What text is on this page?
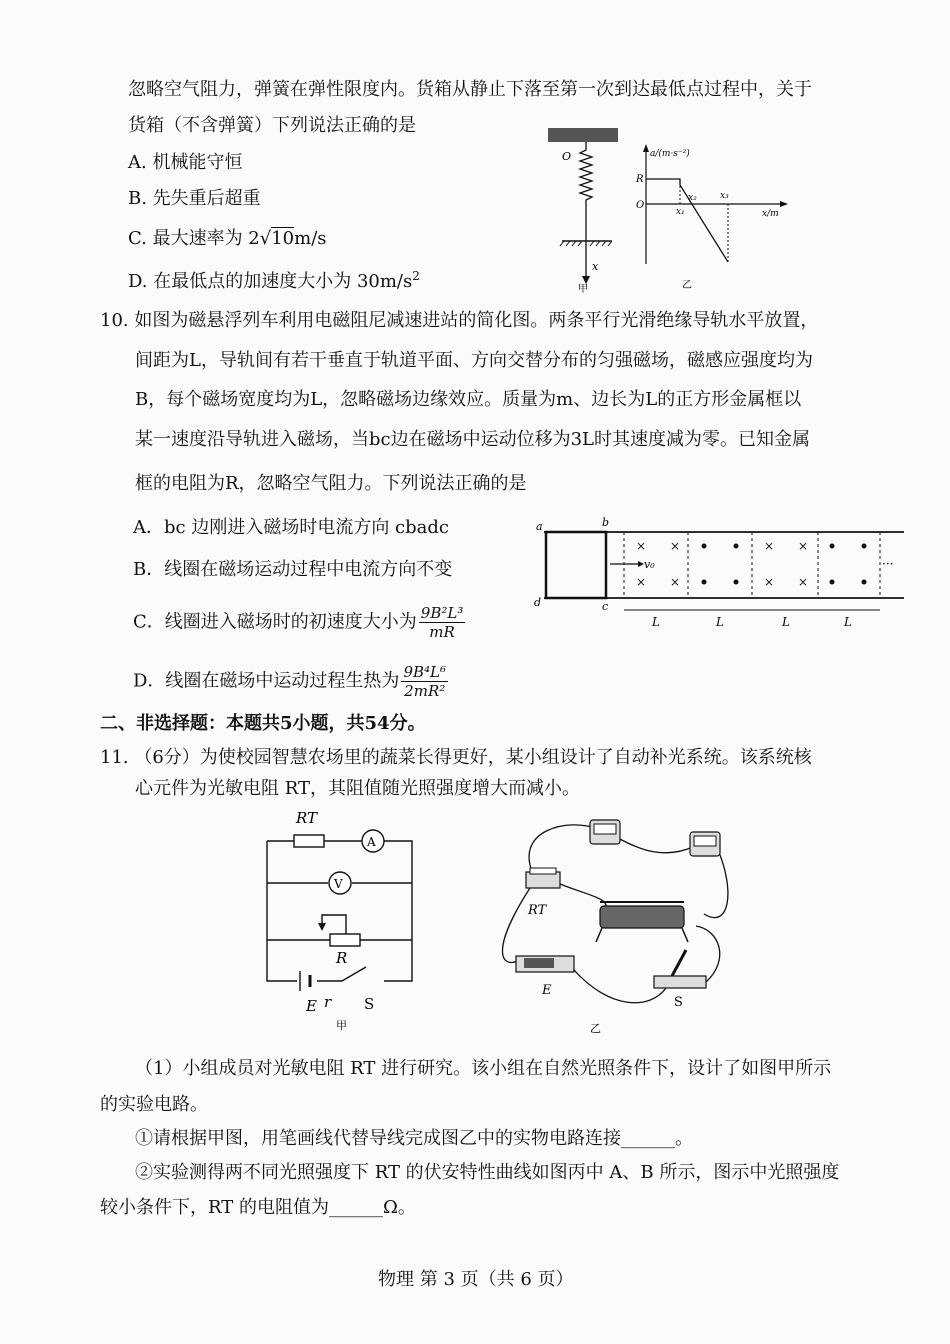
忽略空气阻力，弹簧在弹性限度内。货箱从静止下落至第一次到达最低点过程中，关于
货箱（不含弹簧）下列说法正确的是
A. 机械能守恒
B. 先失重后超重
C. 最大速率为 2√10m/s
D. 在最低点的加速度大小为 $30m/s^2$
O
x
甲
a/(m·s⁻²)
R
O
x₂
x₁
x₃
x/m
乙
10. 如图为磁悬浮列车利用电磁阻尼减速进站的简化图。两条平行光滑绝缘导轨水平放置，
间距为L，导轨间有若干垂直于轨道平面、方向交替分布的匀强磁场，磁感应强度均为
B，每个磁场宽度均为L，忽略磁场边缘效应。质量为m、边长为L的正方形金属框以
某一速度沿导轨进入磁场，当bc边在磁场中运动位移为3L时其速度减为零。已知金属
框的电阻为R，忽略空气阻力。下列说法正确的是
A．bc 边刚进入磁场时电流方向 cbadc
B．线圈在磁场运动过程中电流方向不变
C．线圈进入磁场时的初速度大小为 $\frac{\text{9B²L³}}{mR}$
D．线圈在磁场中运动过程生热为 $\frac{\text{9B⁴L⁶}}{\text{2mR²}}$
× ×
× ×
× ×
× ×
···
a	b
c
d
v₀
L	L	L	L
二、非选择题：本题共5小题，共54分。
11. （6分）为使校园智慧农场里的蔬菜长得更好，某小组设计了自动补光系统。该系统核
心元件为光敏电阻 RT，其阻值随光照强度增大而减小。
RT
A
V
R
E r S
甲
RT
E
S
乙
（1）小组成员对光敏电阻 RT 进行研究。该小组在自然光照条件下，设计了如图甲所示
的实验电路。
①请根据甲图，用笔画线代替导线完成图乙中的实物电路连接______。
②实验测得两不同光照强度下 RT 的伏安特性曲线如图丙中 A、B 所示，图示中光照强度
较小条件下，RT 的电阻值为______Ω。
物理 第 3 页（共 6 页）
